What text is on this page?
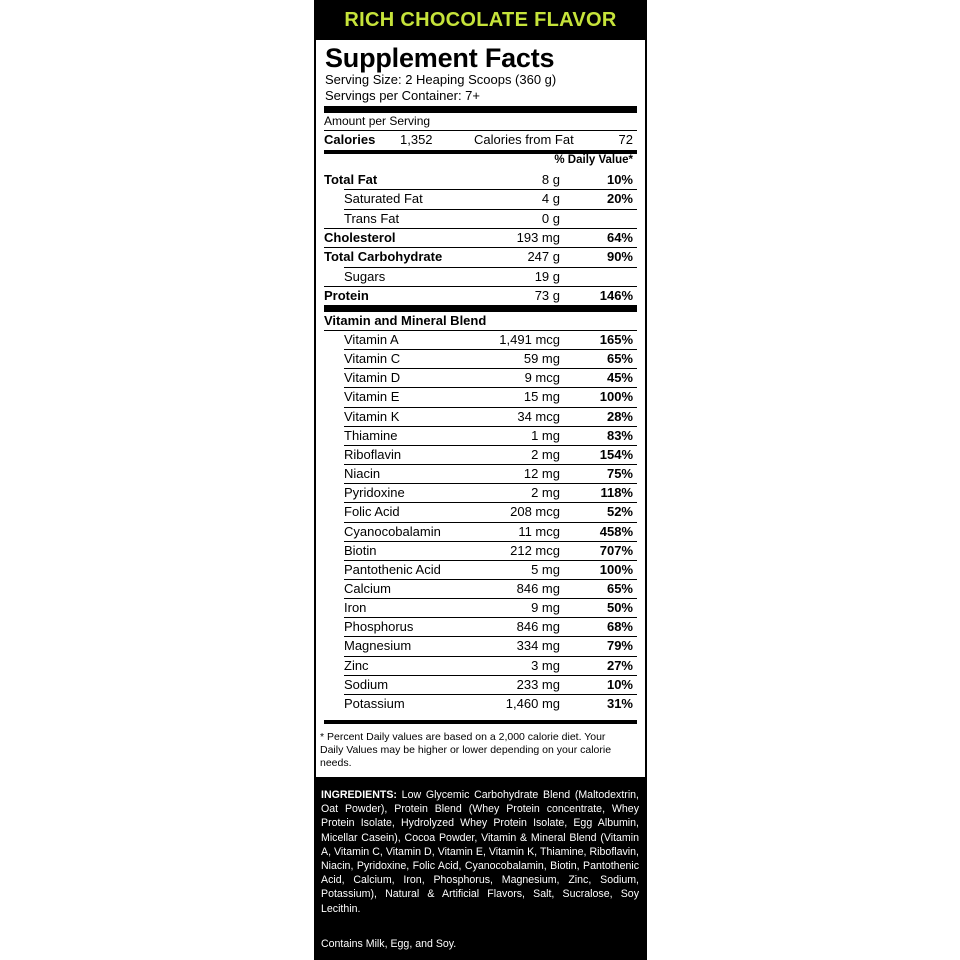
RICH CHOCOLATE FLAVOR
Supplement Facts
Serving Size: 2 Heaping Scoops (360 g)
Servings per Container: 7+
Amount per Serving
Calories 1,352	Calories from Fat	72
% Daily Value*
Total Fat	8 g	10%
Saturated Fat	4 g	20%
Trans Fat	0 g
Cholesterol	193 mg	64%
Total Carbohydrate	247 g	90%
Sugars	19 g
Protein	73 g	146%
Vitamin and Mineral Blend
Vitamin A	1,491 mcg	165%
Vitamin C	59 mg	65%
Vitamin D	9 mcg	45%
Vitamin E	15 mg	100%
Vitamin K	34 mcg	28%
Thiamine	1 mg	83%
Riboflavin	2 mg	154%
Niacin	12 mg	75%
Pyridoxine	2 mg	118%
Folic Acid	208 mcg	52%
Cyanocobalamin	11 mcg	458%
Biotin	212 mcg	707%
Pantothenic Acid	5 mg	100%
Calcium	846 mg	65%
Iron	9 mg	50%
Phosphorus	846 mg	68%
Magnesium	334 mg	79%
Zinc	3 mg	27%
Sodium	233 mg	10%
Potassium	1,460 mg	31%
* Percent Daily values are based on a 2,000 calorie diet. Your Daily Values may be higher or lower depending on your calorie needs.
INGREDIENTS: Low Glycemic Carbohydrate Blend (Maltodextrin, Oat Powder), Protein Blend (Whey Protein concentrate, Whey Protein Isolate, Hydrolyzed Whey Protein Isolate, Egg Albumin, Micellar Casein), Cocoa Powder, Vitamin & Mineral Blend (Vitamin A, Vitamin C, Vitamin D, Vitamin E, Vitamin K, Thiamine, Riboflavin, Niacin, Pyridoxine, Folic Acid, Cyanocobalamin, Biotin, Pantothenic Acid, Calcium, Iron, Phosphorus, Magnesium, Zinc, Sodium, Potassium), Natural & Artificial Flavors, Salt, Sucralose, Soy Lecithin.
Contains Milk, Egg, and Soy.
